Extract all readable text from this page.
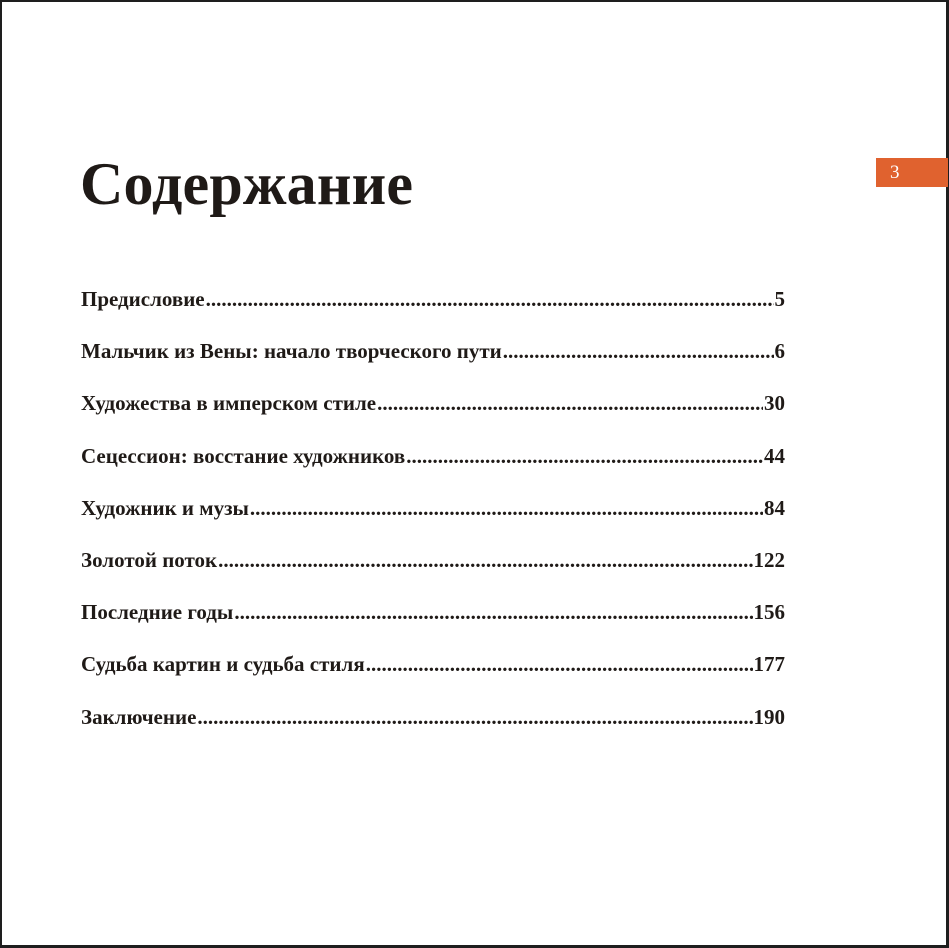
Содержание	3
Предисловие .....	5
Мальчик из Вены: начало творческого пути .....	6
Художества в имперском стиле .....	30
Сецессион: восстание художников .....	44
Художник и музы .....	84
Золотой поток .....	122
Последние годы .....	156
Судьба картин и судьба стиля .....	177
Заключение .....	190
